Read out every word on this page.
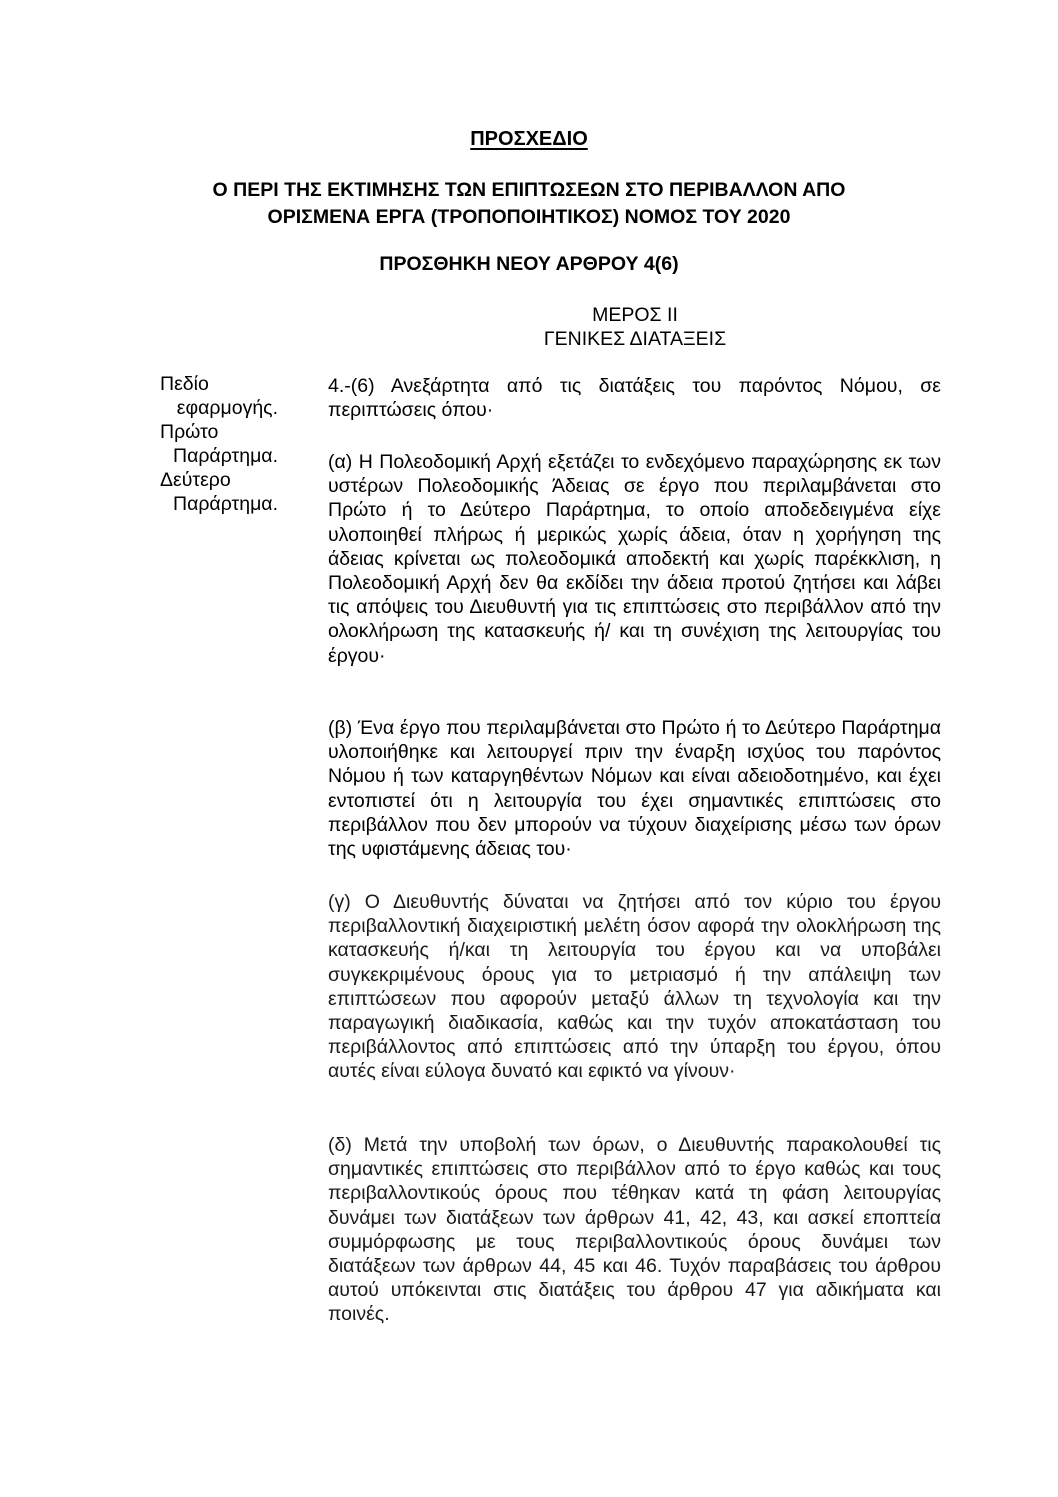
ΠΡΟΣΧΕΔΙΟ
Ο ΠΕΡΙ ΤΗΣ ΕΚΤΙΜΗΣΗΣ ΤΩΝ ΕΠΙΠΤΩΣΕΩΝ ΣΤΟ ΠΕΡΙΒΑΛΛΟΝ ΑΠΟ
ΟΡΙΣΜΕΝΑ ΕΡΓΑ (ΤΡΟΠΟΠΟΙΗΤΙΚΟΣ) ΝΟΜΟΣ ΤΟΥ 2020
ΠΡΟΣΘΗΚΗ ΝΕΟΥ ΑΡΘΡΟΥ 4(6)
ΜΕΡΟΣ ΙΙ
ΓΕΝΙΚΕΣ ΔΙΑΤΑΞΕΙΣ
Πεδίο
εφαρμογής.
Πρώτο
Παράρτημα.
Δεύτερο
Παράρτημα.

4.-(6) Ανεξάρτητα από τις διατάξεις του παρόντος Νόμου, σε περιπτώσεις όπου·

(α) Η Πολεοδομική Αρχή εξετάζει το ενδεχόμενο παραχώρησης εκ των υστέρων Πολεοδομικής Άδειας σε έργο που περιλαμβάνεται στο Πρώτο ή το Δεύτερο Παράρτημα, το οποίο αποδεδειγμένα είχε υλοποιηθεί πλήρως ή μερικώς χωρίς άδεια, όταν η χορήγηση της άδειας κρίνεται ως πολεοδομικά αποδεκτή και χωρίς παρέκκλιση, η Πολεοδομική Αρχή δεν θα εκδίδει την άδεια προτού ζητήσει και λάβει τις απόψεις του Διευθυντή για τις επιπτώσεις στο περιβάλλον από την ολοκλήρωση της κατασκευής ή/ και τη συνέχιση της λειτουργίας του έργου·

(β) Ένα έργο που περιλαμβάνεται στο Πρώτο ή το Δεύτερο Παράρτημα υλοποιήθηκε και λειτουργεί πριν την έναρξη ισχύος του παρόντος Νόμου ή των καταργηθέντων Νόμων και είναι αδειοδοτημένο, και έχει εντοπιστεί ότι η λειτουργία του έχει σημαντικές επιπτώσεις στο περιβάλλον που δεν μπορούν να τύχουν διαχείρισης μέσω των όρων της υφιστάμενης άδειας του·

(γ) Ο Διευθυντής δύναται να ζητήσει από τον κύριο του έργου περιβαλλοντική διαχειριστική μελέτη όσον αφορά την ολοκλήρωση της κατασκευής ή/και τη λειτουργία του έργου και να υποβάλει συγκεκριμένους όρους για το μετριασμό ή την απάλειψη των επιπτώσεων που αφορούν μεταξύ άλλων τη τεχνολογία και την παραγωγική διαδικασία, καθώς και την τυχόν αποκατάσταση του περιβάλλοντος από επιπτώσεις από την ύπαρξη του έργου, όπου αυτές είναι εύλογα δυνατό και εφικτό να γίνουν·

(δ) Μετά την υποβολή των όρων, ο Διευθυντής παρακολουθεί τις σημαντικές επιπτώσεις στο περιβάλλον από το έργο καθώς και τους περιβαλλοντικούς όρους που τέθηκαν κατά τη φάση λειτουργίας δυνάμει των διατάξεων των άρθρων 41, 42, 43, και ασκεί εποπτεία συμμόρφωσης με τους περιβαλλοντικούς όρους δυνάμει των διατάξεων των άρθρων 44, 45 και 46. Τυχόν παραβάσεις του άρθρου αυτού υπόκεινται στις διατάξεις του άρθρου 47 για αδικήματα και ποινές.
